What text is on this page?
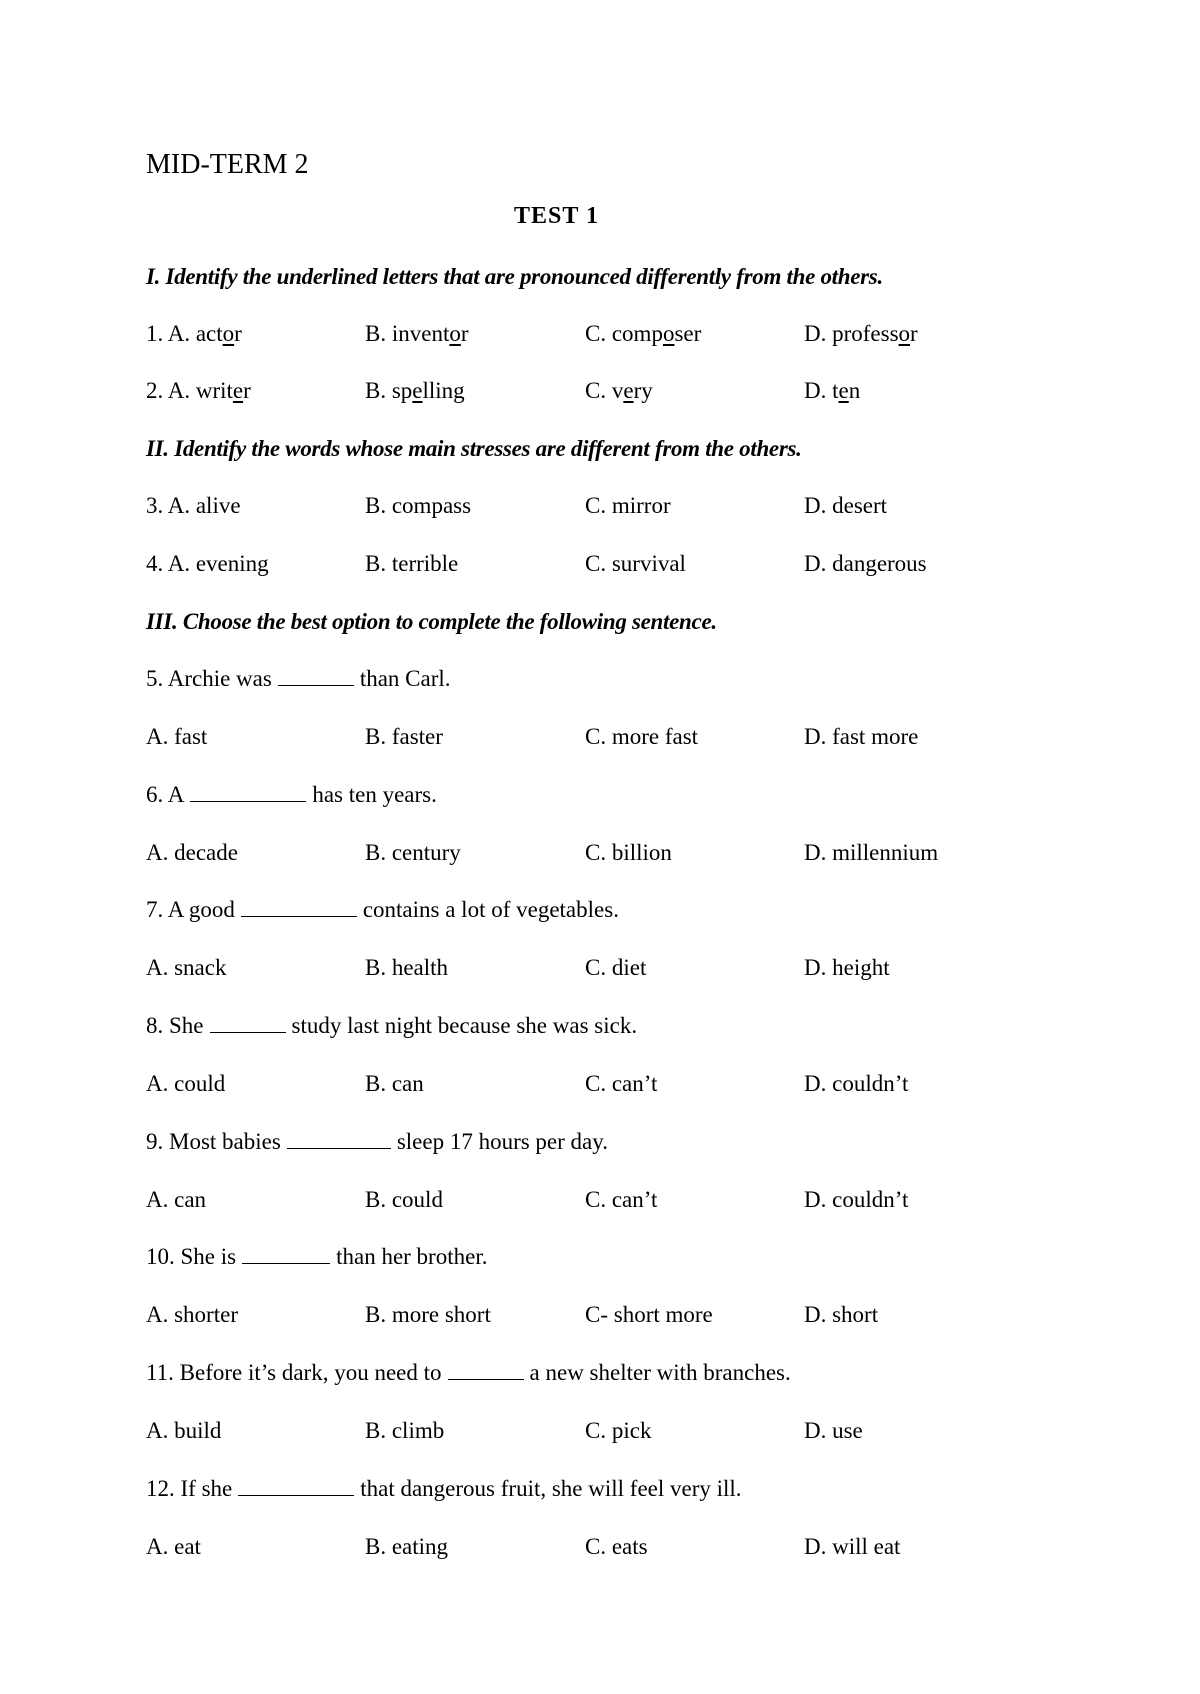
MID-TERM 2
TEST 1
I. Identify the underlined letters that are pronounced differently from the others.
1. A. actor	B. inventor	C. composer	D. professor
2. A. writer	B. spelling	C. very	D. ten
II. Identify the words whose main stresses are different from the others.
3. A. alive	B. compass	C. mirror	D. desert
4. A. evening	B. terrible	C. survival	D. dangerous
III. Choose the best option to complete the following sentence.
5. Archie was	than Carl.
A. fast	B. faster	C. more fast	D. fast more
6. A	has ten years.
A. decade	B. century	C. billion	D. millennium
7. A good	contains a lot of vegetables.
A. snack	B. health	C. diet	D. height
8. She	study last night because she was sick.
A. could	B. can	C. can’t	D. couldn’t
9. Most babies	sleep 17 hours per day.
A. can	B. could	C. can’t	D. couldn’t
10. She is	than her brother.
A. shorter	B. more short	C- short more	D. short
11. Before it’s dark, you need to	a new shelter with branches.
A. build	B. climb	C. pick	D. use
12. If she	that dangerous fruit, she will feel very ill.
A. eat	B. eating	C. eats	D. will eat
